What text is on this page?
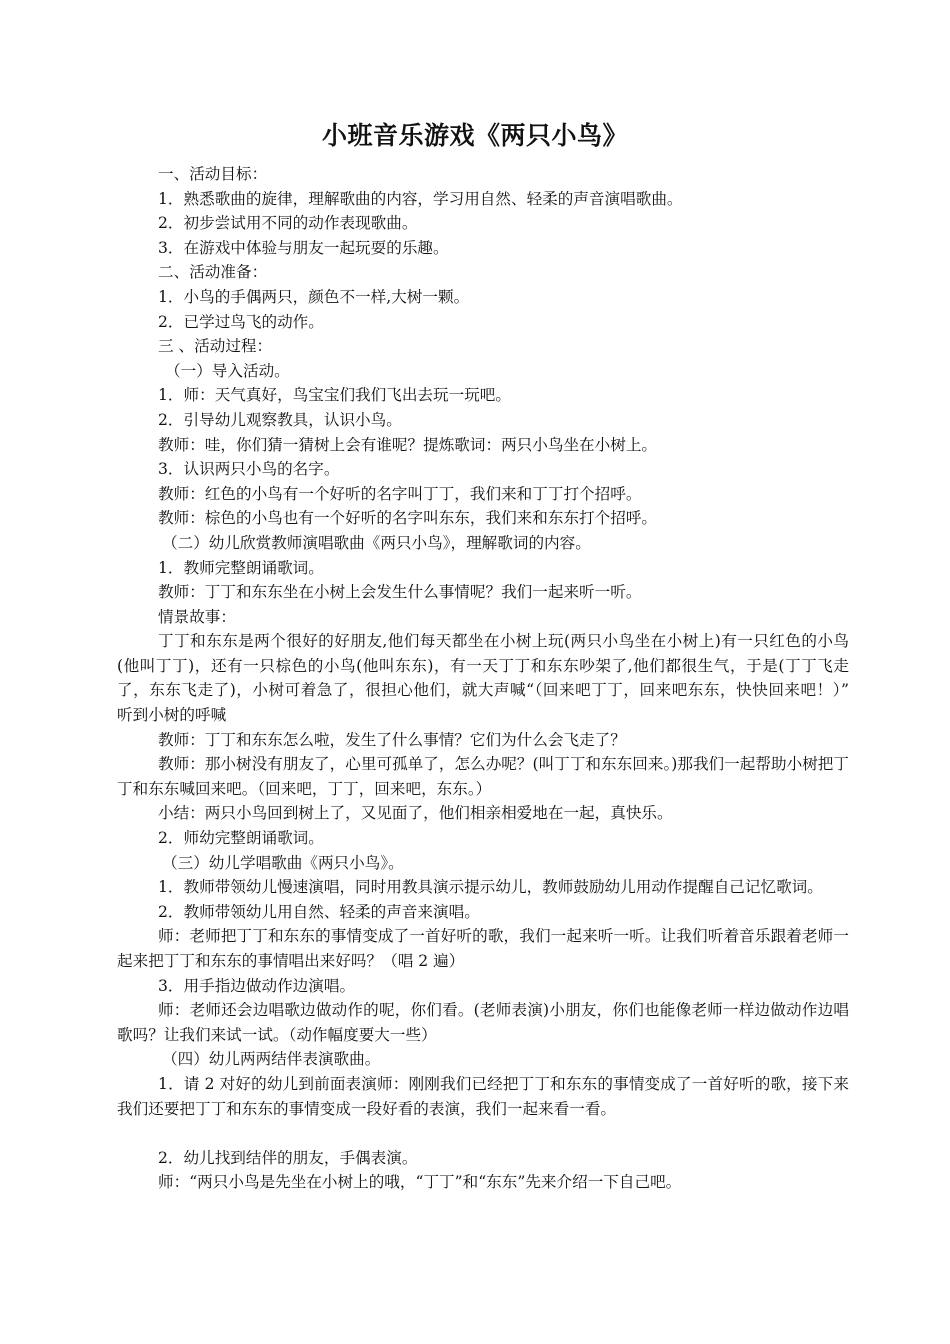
小班音乐游戏《两只小鸟》

一、活动目标：

1．熟悉歌曲的旋律，理解歌曲的内容，学习用自然、轻柔的声音演唱歌曲。

2．初步尝试用不同的动作表现歌曲。

3．在游戏中体验与朋友一起玩耍的乐趣。

二、活动准备：

1．小鸟的手偶两只，颜色不一样,大树一颗。

2．已学过鸟飞的动作。

三 、活动过程：

（一）导入活动。

1．师：天气真好，鸟宝宝们我们飞出去玩一玩吧。

2．引导幼儿观察教具，认识小鸟。

教师：哇，你们猜一猜树上会有谁呢？提炼歌词：两只小鸟坐在小树上。

3．认识两只小鸟的名字。

教师：红色的小鸟有一个好听的名字叫丁丁，我们来和丁丁打个招呼。

教师：棕色的小鸟也有一个好听的名字叫东东，我们来和东东打个招呼。

（二）幼儿欣赏教师演唱歌曲《两只小鸟》，理解歌词的内容。

1．教师完整朗诵歌词。

教师：丁丁和东东坐在小树上会发生什么事情呢？我们一起来听一听。

情景故事：

丁丁和东东是两个很好的好朋友,他们每天都坐在小树上玩(两只小鸟坐在小树上)有一只红色的小鸟(他叫丁丁)，还有一只棕色的小鸟(他叫东东)，有一天丁丁和东东吵架了,他们都很生气，于是(丁丁飞走了，东东飞走了)，小树可着急了，很担心他们，就大声喊“（回来吧丁丁，回来吧东东，快快回来吧！）”　　听到小树的呼喊

教师：丁丁和东东怎么啦，发生了什么事情？它们为什么会飞走了？

教师：那小树没有朋友了，心里可孤单了，怎么办呢？(叫丁丁和东东回来。)那我们一起帮助小树把丁丁和东东喊回来吧。（回来吧，丁丁，回来吧，东东。）

小结：两只小鸟回到树上了，又见面了，他们相亲相爱地在一起，真快乐。

2．师幼完整朗诵歌词。

（三）幼儿学唱歌曲《两只小鸟》。

1．教师带领幼儿慢速演唱，同时用教具演示提示幼儿，教师鼓励幼儿用动作提醒自己记忆歌词。

2．教师带领幼儿用自然、轻柔的声音来演唱。

师：老师把丁丁和东东的事情变成了一首好听的歌，我们一起来听一听。让我们听着音乐跟着老师一起来把丁丁和东东的事情唱出来好吗？（唱 2 遍）

3．用手指边做动作边演唱。

师：老师还会边唱歌边做动作的呢，你们看。(老师表演)小朋友，你们也能像老师一样边做动作边唱歌吗？让我们来试一试。（动作幅度要大一些）

（四）幼儿两两结伴表演歌曲。

1．请 2 对好的幼儿到前面表演师：刚刚我们已经把丁丁和东东的事情变成了一首好听的歌，接下来我们还要把丁丁和东东的事情变成一段好看的表演，我们一起来看一看。

2．幼儿找到结伴的朋友，手偶表演。

师：“两只小鸟是先坐在小树上的哦，“丁丁”和“东东”先来介绍一下自己吧。
